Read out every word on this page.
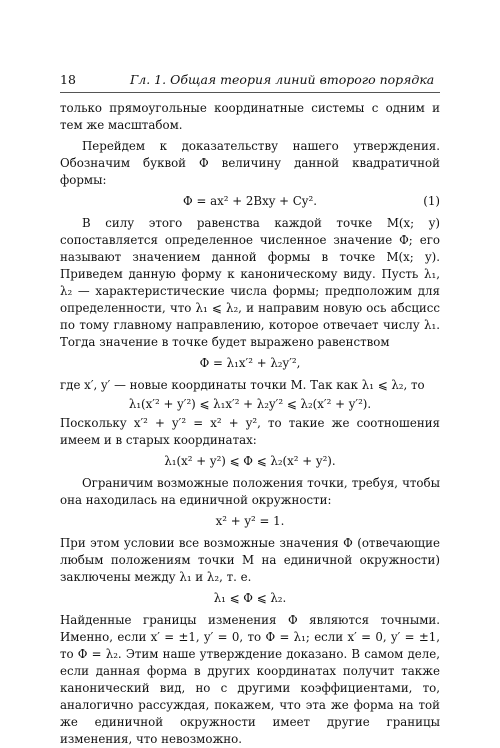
18	Гл. 1. Общая теория линий второго порядка

только прямоугольные координатные системы с одним и тем же масштабом.

Перейдем к доказательству нашего утверждения. Обозначим буквой Φ величину данной квадратичной формы:

Φ = ax² + 2Bxy + Cy².	(1)

В силу этого равенства каждой точке M(x; y) сопоставляется определенное численное значение Φ; его называют значением данной формы в точке M(x; y). Приведем данную форму к каноническому виду. Пусть λ₁, λ₂ — характеристические числа формы; предположим для определенности, что λ₁ ⩽ λ₂, и направим новую ось абсцисс по тому главному направлению, которое отвечает числу λ₁. Тогда значение в точке будет выражено равенством

Φ = λ₁x′² + λ₂y′²,

где x′, y′ — новые координаты точки M. Так как λ₁ ⩽ λ₂, то

λ₁(x′² + y′²) ⩽ λ₁x′² + λ₂y′² ⩽ λ₂(x′² + y′²).

Поскольку x′² + y′² = x² + y², то такие же соотношения имеем и в старых координатах:

λ₁(x² + y²) ⩽ Φ ⩽ λ₂(x² + y²).

Ограничим возможные положения точки, требуя, чтобы она находилась на единичной окружности:

x² + y² = 1.

При этом условии все возможные значения Φ (отвечающие любым положениям точки M на единичной окружности) заключены между λ₁ и λ₂, т. е.

λ₁ ⩽ Φ ⩽ λ₂.

Найденные границы изменения Φ являются точными. Именно, если x′ = ±1, y′ = 0, то Φ = λ₁; если x′ = 0, y′ = ±1, то Φ = λ₂. Этим наше утверждение доказано. В самом деле, если данная форма в других координатах получит также канонический вид, но с другими коэффициентами, то, аналогично рассуждая, покажем, что эта же форма на той же единичной окружности имеет другие границы изменения, что невозможно.
